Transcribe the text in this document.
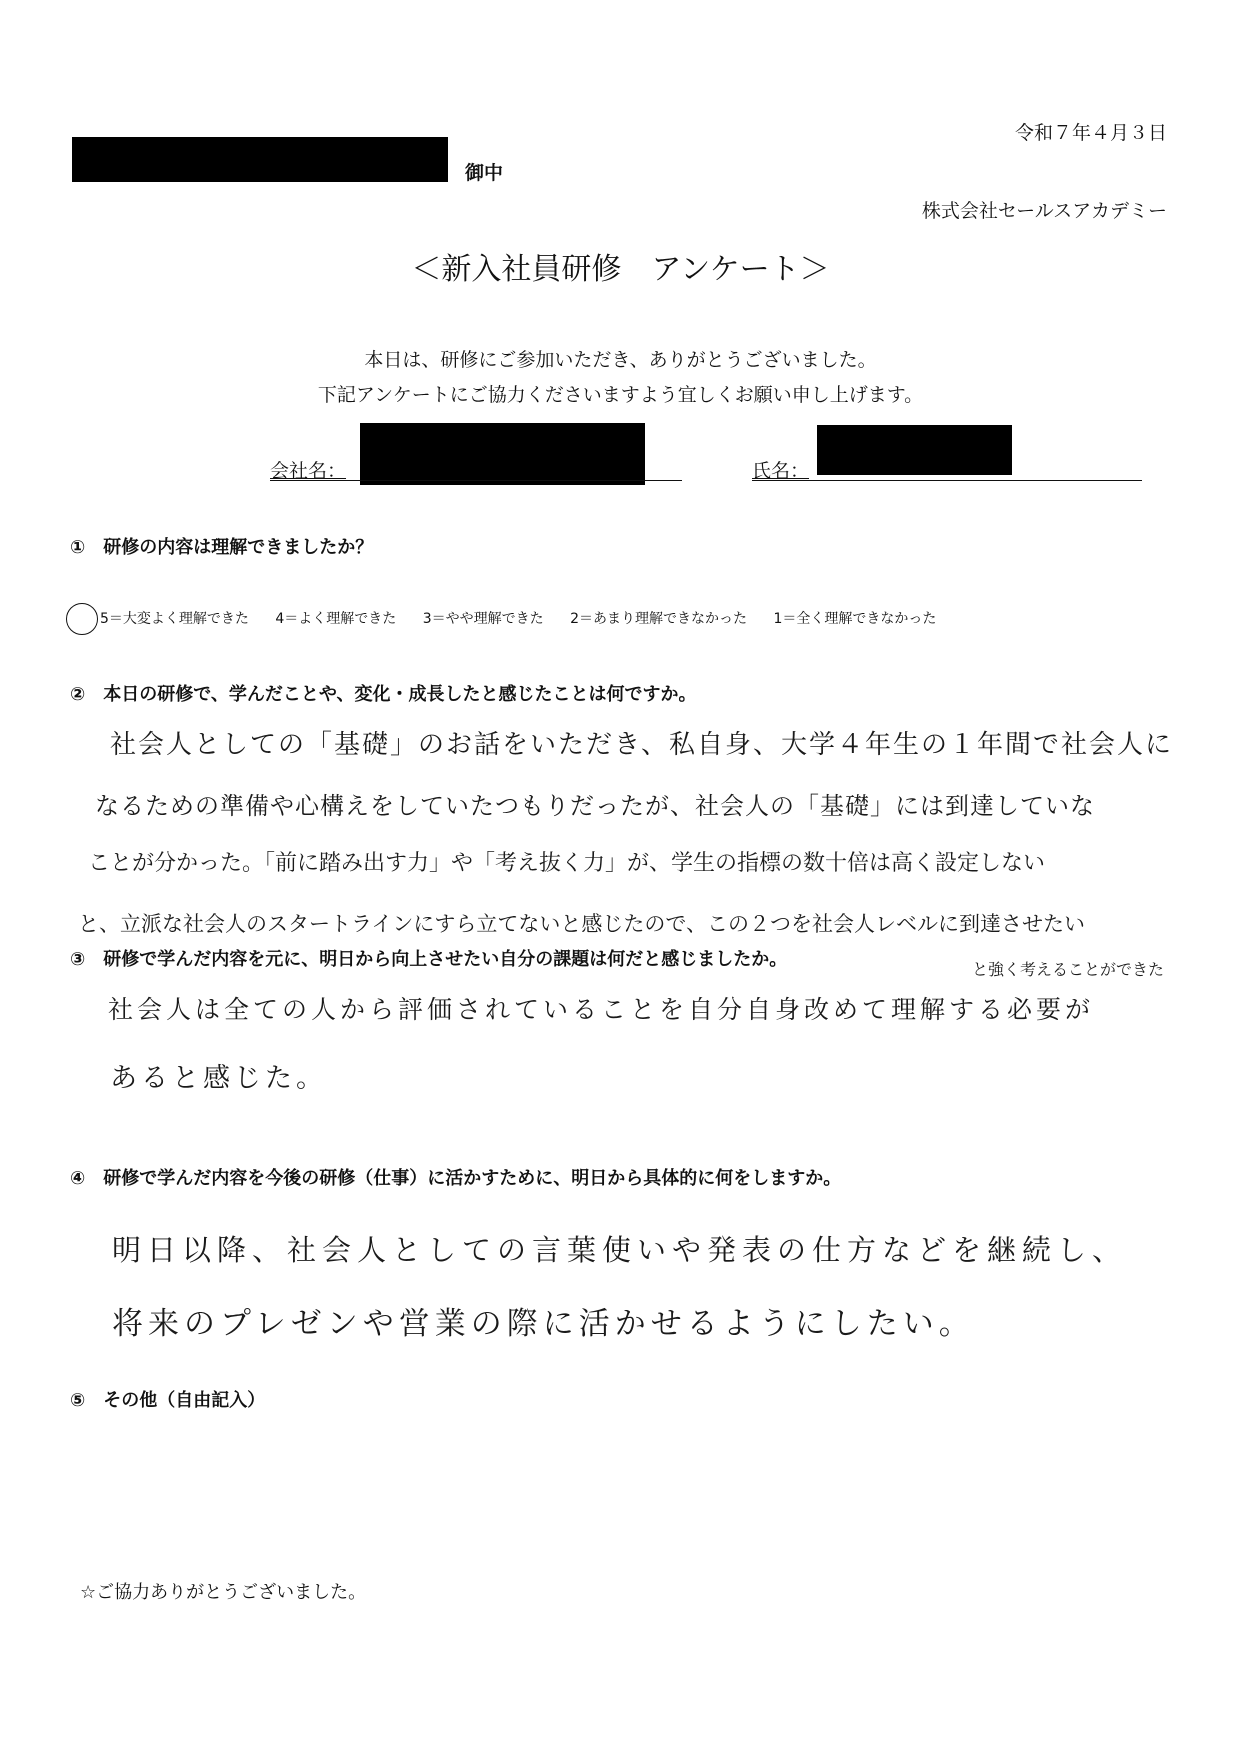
令和７年４月３日
御中
株式会社セールスアカデミー
＜新入社員研修　アンケート＞
本日は、研修にご参加いただき、ありがとうございました。
下記アンケートにご協力くださいますよう宜しくお願い申し上げます。
会社名：	氏名：
①　研修の内容は理解できましたか？
5＝大変よく理解できた 4＝よく理解できた 3＝やや理解できた 2＝あまり理解できなかった 1＝全く理解できなかった
②　本日の研修で、学んだことや、変化・成長したと感じたことは何ですか。
社会人としての「基礎」のお話をいただき、私自身、大学４年生の１年間で社会人に
なるための準備や心構えをしていたつもりだったが、社会人の「基礎」には到達していな
ことが分かった。「前に踏み出す力」や「考え抜く力」が、学生の指標の数十倍は高く設定しない
と、立派な社会人のスタートラインにすら立てないと感じたので、この２つを社会人レベルに到達させたい
と強く考えることができた
③　研修で学んだ内容を元に、明日から向上させたい自分の課題は何だと感じましたか。
社会人は全ての人から評価されていることを自分自身改めて理解する必要が
あると感じた。
④　研修で学んだ内容を今後の研修（仕事）に活かすために、明日から具体的に何をしますか。
明日以降、社会人としての言葉使いや発表の仕方などを継続し、
将来のプレゼンや営業の際に活かせるようにしたい。
⑤　その他（自由記入）
☆ご協力ありがとうございました。
